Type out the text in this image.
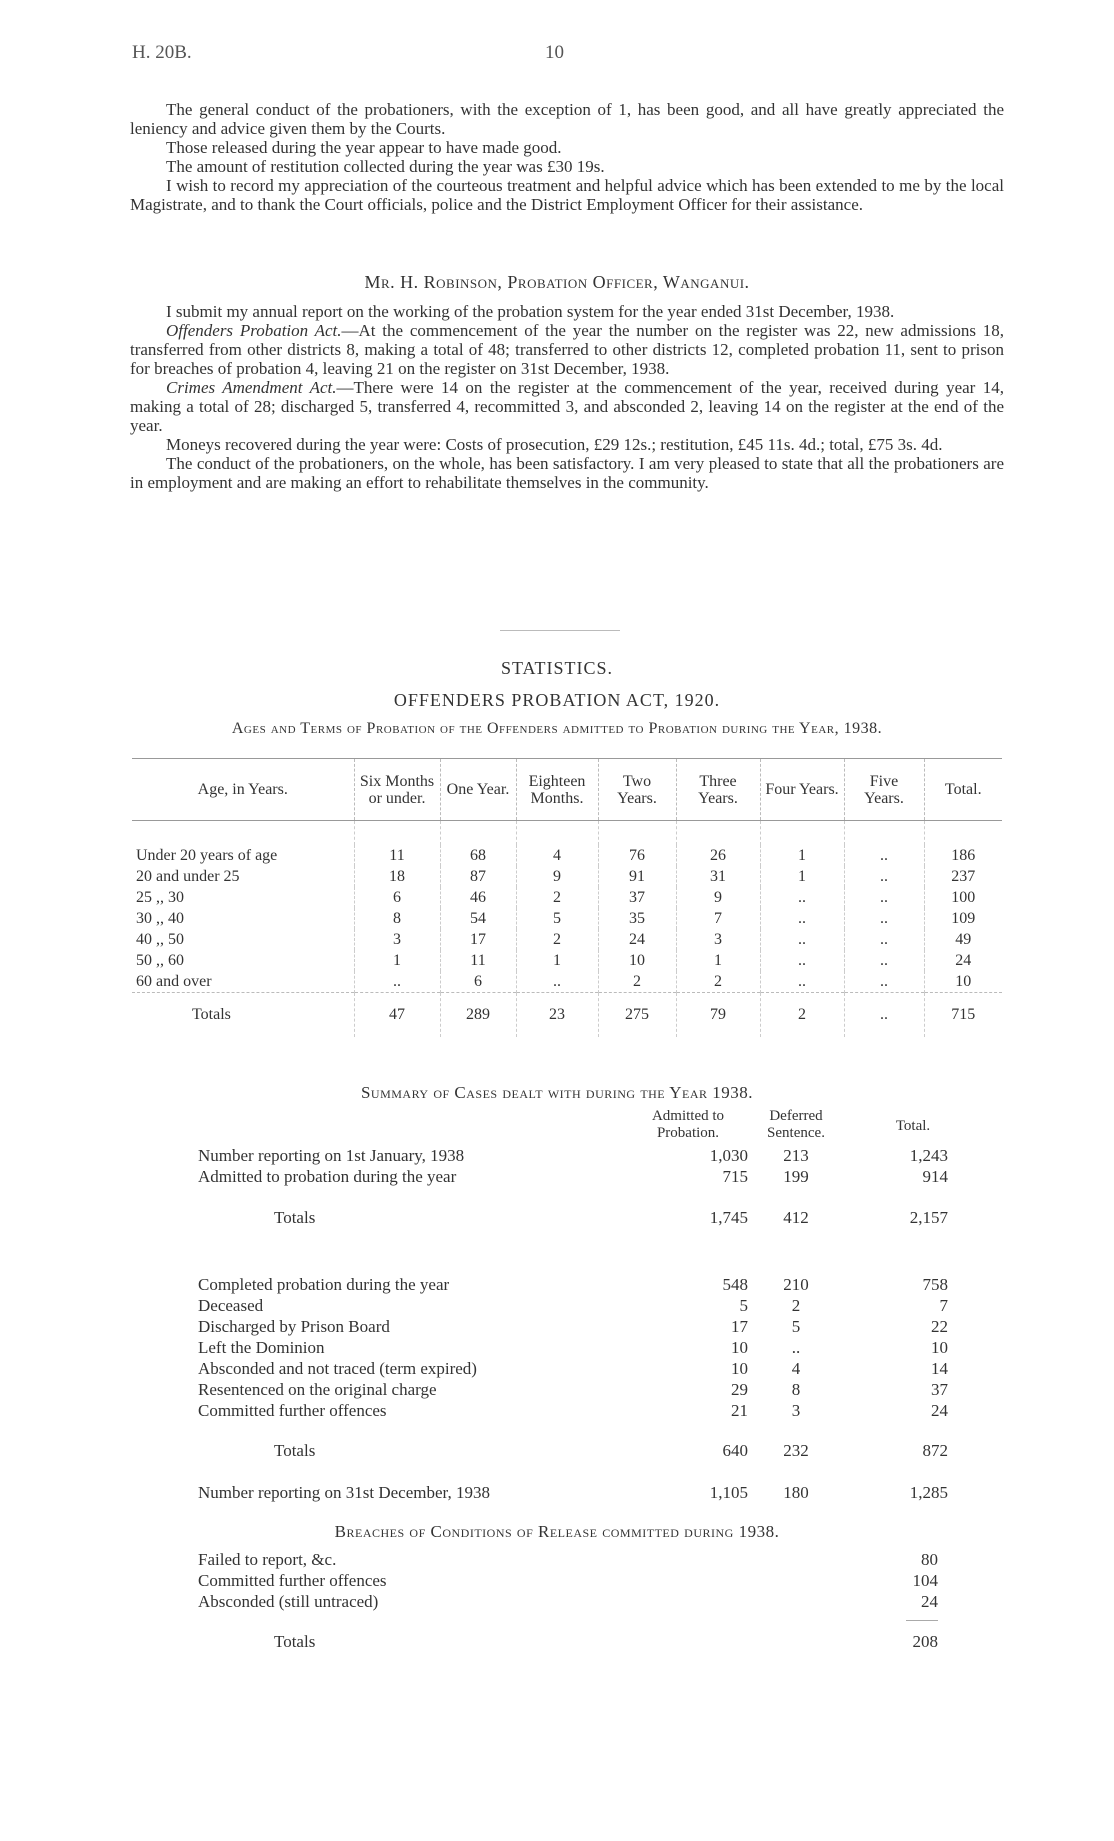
H. 20B.	10

The general conduct of the probationers, with the exception of 1, has been good, and all have greatly appreciated the leniency and advice given them by the Courts.

Those released during the year appear to have made good.

The amount of restitution collected during the year was £30 19s.

I wish to record my appreciation of the courteous treatment and helpful advice which has been extended to me by the local Magistrate, and to thank the Court officials, police and the District Employment Officer for their assistance.

Mr. H. Robinson, Probation Officer, Wanganui.

I submit my annual report on the working of the probation system for the year ended 31st December, 1938.

Offenders Probation Act.—At the commencement of the year the number on the register was 22, new admissions 18, transferred from other districts 8, making a total of 48; transferred to other districts 12, completed probation 11, sent to prison for breaches of probation 4, leaving 21 on the register on 31st December, 1938.

Crimes Amendment Act.—There were 14 on the register at the commencement of the year, received during year 14, making a total of 28; discharged 5, transferred 4, recommitted 3, and absconded 2, leaving 14 on the register at the end of the year.

Moneys recovered during the year were: Costs of prosecution, £29 12s.; restitution, £45 11s. 4d.; total, £75 3s. 4d.

The conduct of the probationers, on the whole, has been satisfactory. I am very pleased to state that all the probationers are in employment and are making an effort to rehabilitate themselves in the community.

STATISTICS.
OFFENDERS PROBATION ACT, 1920.
Ages and Terms of Probation of the Offenders admitted to Probation during the Year, 1938.
Age, in Years.	Six Months or under.	One Year.	Eighteen Months.	Two Years.	Three Years.	Four Years.	Five Years.	Total.

Under 20 years of age	11	68	4	76	26	1	..	186
20 and under 25	18	87	9	91	31	1	..	237
25 ,, 30	6	46	2	37	9	..	..	100
30 ,, 40	8	54	5	35	7	..	..	109
40 ,, 50	3	17	2	24	3	..	..	49
50 ,, 60	1	11	1	10	1	..	..	24
60 and over	..	6	..	2	2	..	..	10
Totals	47	289	23	275	79	2	..	715
Summary of Cases dealt with during the Year 1938.
Admitted to Probation.
Deferred Sentence.	Total.
Number reporting on 1st January, 1938	1,030	213	1,243
Admitted to probation during the year	715	199	914
Totals	1,745	412	2,157
Completed probation during the year	548	210	758
Deceased	5	2	7
Discharged by Prison Board	17	5	22
Left the Dominion	10	..	10
Absconded and not traced (term expired)	10	4	14
Resentenced on the original charge	29	8	37
Committed further offences	21	3	24
Totals	640	232	872
Number reporting on 31st December, 1938	1,105	180	1,285
Breaches of Conditions of Release committed during 1938.
Failed to report, &c.	80
Committed further offences	104
Absconded (still untraced)	24
Totals	208
